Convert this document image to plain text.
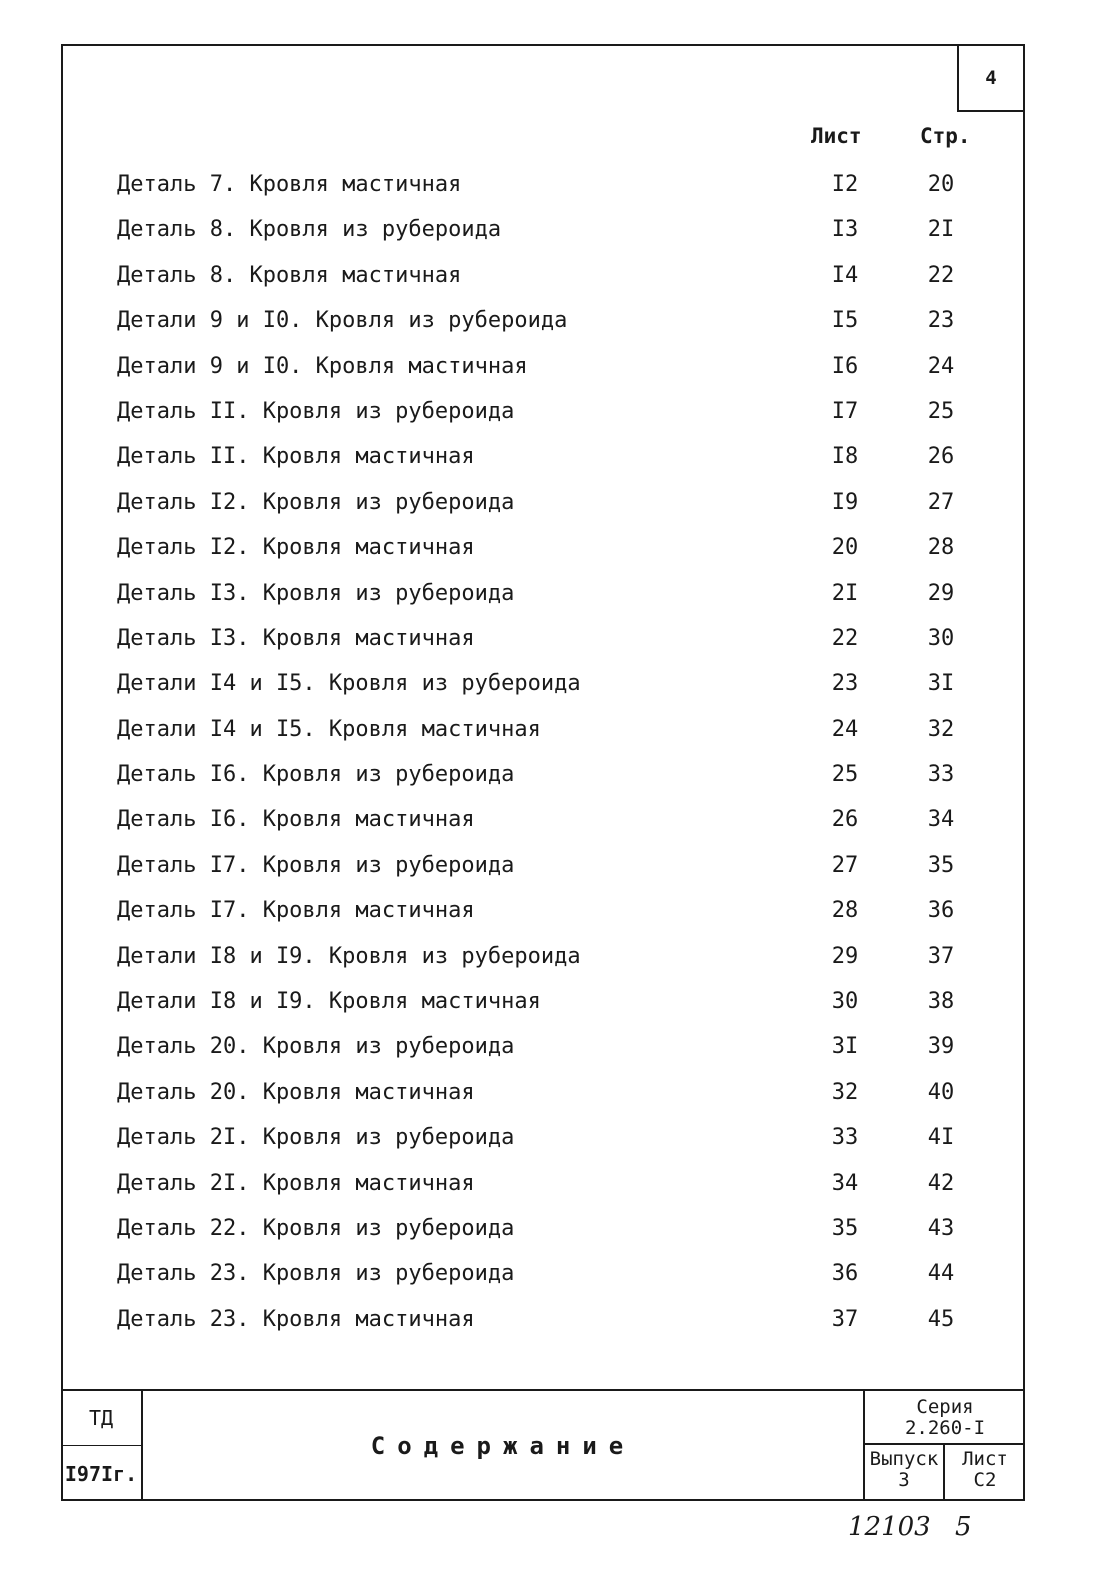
4
Лист	Стр.
Деталь 7. Кровля мастичная	I2	20
Деталь 8. Кровля из рубероида	I3	2I
Деталь 8. Кровля мастичная	I4	22
Детали 9 и I0. Кровля из рубероида	I5	23
Детали 9 и I0. Кровля мастичная	I6	24
Деталь II. Кровля из рубероида	I7	25
Деталь II. Кровля мастичная	I8	26
Деталь I2. Кровля из рубероида	I9	27
Деталь I2. Кровля мастичная	20	28
Деталь I3. Кровля из рубероида	2I	29
Деталь I3. Кровля мастичная	22	30
Детали I4 и I5. Кровля из рубероида	23	3I
Детали I4 и I5. Кровля мастичная	24	32
Деталь I6. Кровля из рубероида	25	33
Деталь I6. Кровля мастичная	26	34
Деталь I7. Кровля из рубероида	27	35
Деталь I7. Кровля мастичная	28	36
Детали I8 и I9. Кровля из рубероида	29	37
Детали I8 и I9. Кровля мастичная	30	38
Деталь 20. Кровля из рубероида	3I	39
Деталь 20. Кровля мастичная	32	40
Деталь 2I. Кровля из рубероида	33	4I
Деталь 2I. Кровля мастичная	34	42
Деталь 22. Кровля из рубероида	35	43
Деталь 23. Кровля из рубероида	36	44
Деталь 23. Кровля мастичная	37	45
ТД
I97Iг.
Содержание
Серия
2.260-I
Выпуск
3
Лист
С2
12103 5
